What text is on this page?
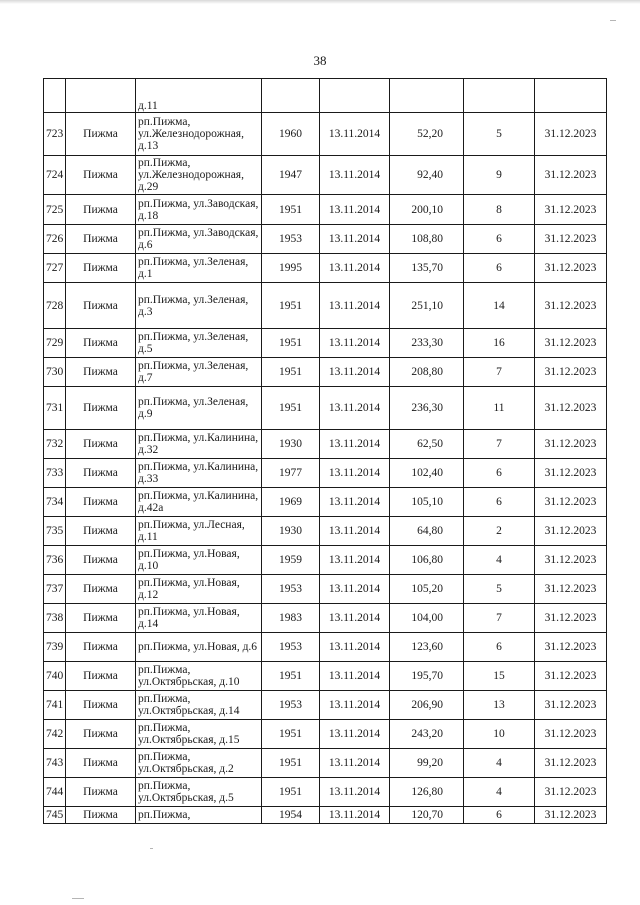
38
		д.11					
723	Пижма	рп.Пижма, ул.Железнодорожная, д.13	1960	13.11.2014	52,20	5	31.12.2023
724	Пижма	рп.Пижма, ул.Железнодорожная, д.29	1947	13.11.2014	92,40	9	31.12.2023
725	Пижма	рп.Пижма, ул.Заводская, д.18	1951	13.11.2014	200,10	8	31.12.2023
726	Пижма	рп.Пижма, ул.Заводская, д.6	1953	13.11.2014	108,80	6	31.12.2023
727	Пижма	рп.Пижма, ул.Зеленая, д.1	1995	13.11.2014	135,70	6	31.12.2023
728	Пижма	рп.Пижма, ул.Зеленая, д.3	1951	13.11.2014	251,10	14	31.12.2023
729	Пижма	рп.Пижма, ул.Зеленая, д.5	1951	13.11.2014	233,30	16	31.12.2023
730	Пижма	рп.Пижма, ул.Зеленая, д.7	1951	13.11.2014	208,80	7	31.12.2023
731	Пижма	рп.Пижма, ул.Зеленая, д.9	1951	13.11.2014	236,30	11	31.12.2023
732	Пижма	рп.Пижма, ул.Калинина, д.32	1930	13.11.2014	62,50	7	31.12.2023
733	Пижма	рп.Пижма, ул.Калинина, д.33	1977	13.11.2014	102,40	6	31.12.2023
734	Пижма	рп.Пижма, ул.Калинина, д.42а	1969	13.11.2014	105,10	6	31.12.2023
735	Пижма	рп.Пижма, ул.Лесная, д.11	1930	13.11.2014	64,80	2	31.12.2023
736	Пижма	рп.Пижма, ул.Новая, д.10	1959	13.11.2014	106,80	4	31.12.2023
737	Пижма	рп.Пижма, ул.Новая, д.12	1953	13.11.2014	105,20	5	31.12.2023
738	Пижма	рп.Пижма, ул.Новая, д.14	1983	13.11.2014	104,00	7	31.12.2023
739	Пижма	рп.Пижма, ул.Новая, д.6	1953	13.11.2014	123,60	6	31.12.2023
740	Пижма	рп.Пижма, ул.Октябрьская, д.10	1951	13.11.2014	195,70	15	31.12.2023
741	Пижма	рп.Пижма, ул.Октябрьская, д.14	1953	13.11.2014	206,90	13	31.12.2023
742	Пижма	рп.Пижма, ул.Октябрьская, д.15	1951	13.11.2014	243,20	10	31.12.2023
743	Пижма	рп.Пижма, ул.Октябрьская, д.2	1951	13.11.2014	99,20	4	31.12.2023
744	Пижма	рп.Пижма, ул.Октябрьская, д.5	1951	13.11.2014	126,80	4	31.12.2023
745	Пижма	рп.Пижма,	1954	13.11.2014	120,70	6	31.12.2023
